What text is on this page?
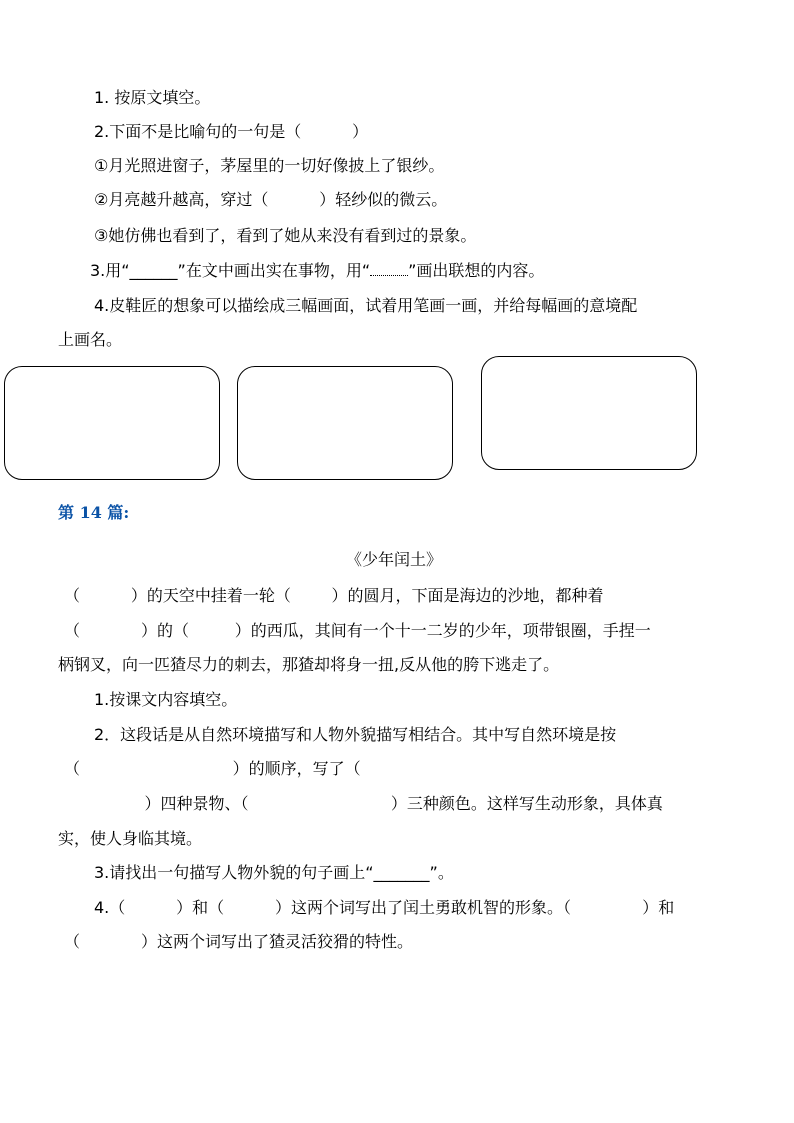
1. 按原文填空。
2.下面不是比喻句的一句是（          ）
①月光照进窗子，茅屋里的一切好像披上了银纱。
②月亮越升越高，穿过（          ）轻纱似的微云。
③她仿佛也看到了，看到了她从来没有看到过的景象。
3.用“______”在文中画出实在事物，用“ ”画出联想的内容。
4.皮鞋匠的想象可以描绘成三幅画面，试着用笔画一画，并给每幅画的意境配
上画名。
第 14 篇:
《少年闰土》
（          ）的天空中挂着一轮（        ）的圆月，下面是海边的沙地，都种着
（            ）的（         ）的西瓜，其间有一个十一二岁的少年，项带银圈，手捏一
柄钢叉，向一匹猹尽力的刺去，那猹却将身一扭,反从他的胯下逃走了。
1.按课文内容填空。
2．这段话是从自然环境描写和人物外貌描写相结合。其中写自然环境是按
（                              ）的顺序，写了（
）四种景物、（                            ）三种颜色。这样写生动形象，具体真
实，使人身临其境。
3.请找出一句描写人物外貌的句子画上“_______”。
4.（          ）和（          ）这两个词写出了闰土勇敢机智的形象。（              ）和
（            ）这两个词写出了猹灵活狡猾的特性。
